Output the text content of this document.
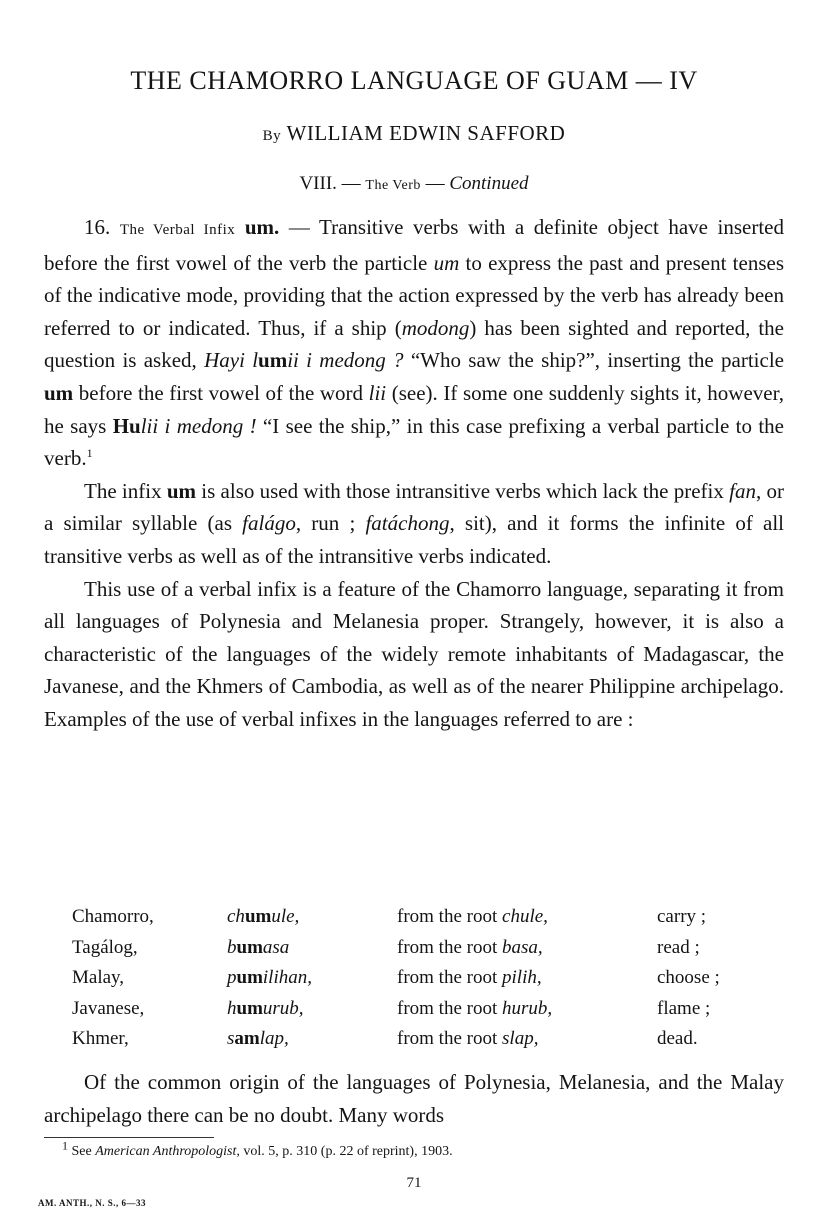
THE CHAMORRO LANGUAGE OF GUAM — IV
By WILLIAM EDWIN SAFFORD
VIII. — The Verb — Continued

16. The Verbal Infix um. — Transitive verbs with a definite object have inserted before the first vowel of the verb the particle um to express the past and present tenses of the indicative mode, providing that the action expressed by the verb has already been referred to or indicated. Thus, if a ship (modong) has been sighted and reported, the question is asked, Hayi lumii i medong ? “Who saw the ship?”, inserting the particle um before the first vowel of the word lii (see). If some one suddenly sights it, however, he says Hulii i medong ! “I see the ship,” in this case prefixing a verbal particle to the verb.$^1$

The infix um is also used with those intransitive verbs which lack the prefix fan, or a similar syllable (as falágo, run ; fatáchong, sit), and it forms the infinite of all transitive verbs as well as of the intransitive verbs indicated.

This use of a verbal infix is a feature of the Chamorro language, separating it from all languages of Polynesia and Melanesia proper. Strangely, however, it is also a characteristic of the languages of the widely remote inhabitants of Madagascar, the Javanese, and the Khmers of Cambodia, as well as of the nearer Philippine archipelago. Examples of the use of verbal infixes in the languages referred to are :

Chamorro,	chumule,	from the root chule,	carry ;
Tagálog,	bumasa	from the root basa,	read ;
Malay,	pumilihan,	from the root pilih,	choose ;
Javanese,	humurub,	from the root hurub,	flame ;
Khmer,	samlap,	from the root slap,	dead.

Of the common origin of the languages of Polynesia, Melanesia, and the Malay archipelago there can be no doubt. Many words

$^1$ See American Anthropologist, vol. 5, p. 310 (p. 22 of reprint), 1903.
71
AM. ANTH., N. S., 6—33
